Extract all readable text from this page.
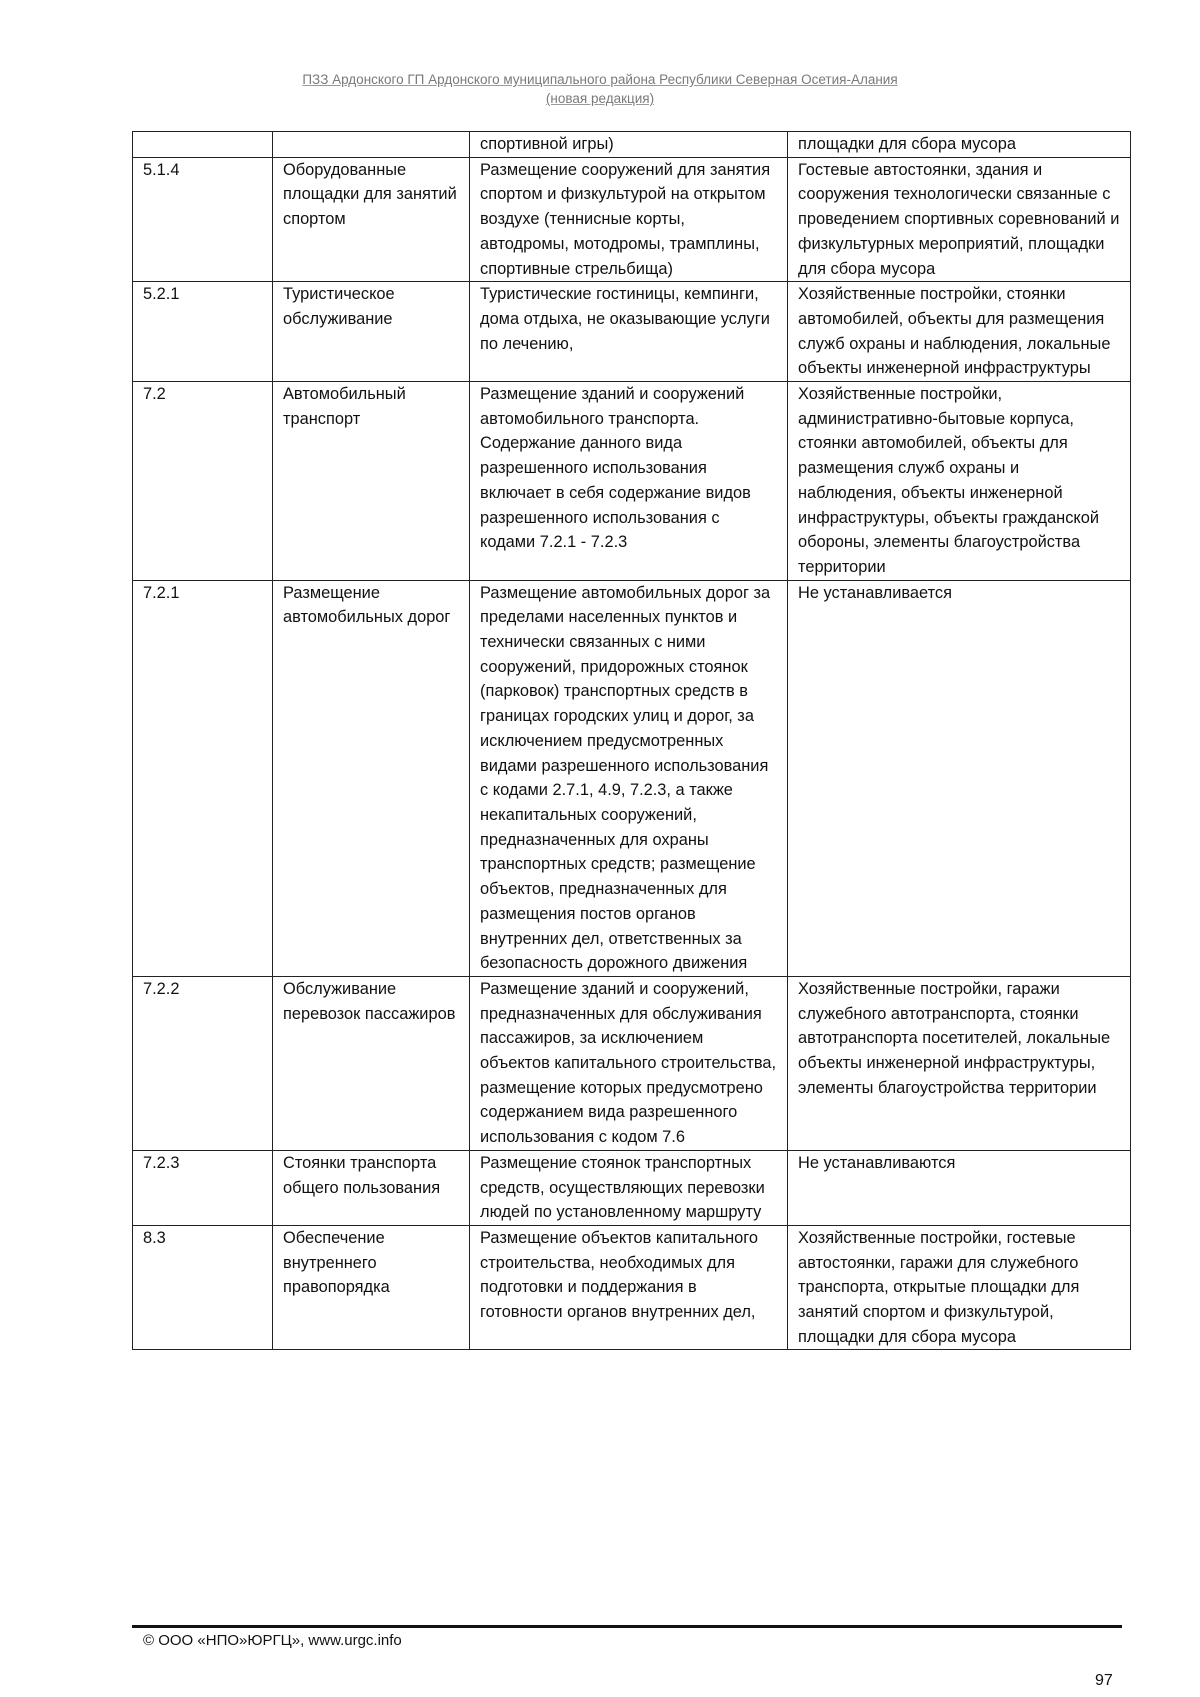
ПЗЗ Ардонского ГП Ардонского муниципального района Республики Северная Осетия-Алания
(новая редакция)
		спортивной игры)	площадки для сбора мусора
5.1.4	Оборудованные площадки для занятий спортом	Размещение сооружений для занятия спортом и физкультурой на открытом воздухе (теннисные корты, автодромы, мотодромы, трамплины, спортивные стрельбища)	Гостевые автостоянки, здания и сооружения технологически связанные с проведением спортивных соревнований и физкультурных мероприятий, площадки для сбора мусора
5.2.1	Туристическое обслуживание	Туристические гостиницы, кемпинги, дома отдыха, не оказывающие услуги по лечению,	Хозяйственные постройки, стоянки автомобилей, объекты для размещения служб охраны и наблюдения, локальные объекты инженерной инфраструктуры
7.2	Автомобильный транспорт	Размещение зданий и сооружений автомобильного транспорта. Содержание данного вида разрешенного использования включает в себя содержание видов разрешенного использования с кодами 7.2.1 - 7.2.3	Хозяйственные постройки, административно-бытовые корпуса, стоянки автомобилей, объекты для размещения служб охраны и наблюдения, объекты инженерной инфраструктуры, объекты гражданской обороны, элементы благоустройства территории
7.2.1	Размещение автомобильных дорог	Размещение автомобильных дорог за пределами населенных пунктов и технически связанных с ними сооружений, придорожных стоянок (парковок) транспортных средств в границах городских улиц и дорог, за исключением предусмотренных видами разрешенного использования с кодами 2.7.1, 4.9, 7.2.3, а также некапитальных сооружений, предназначенных для охраны транспортных средств; размещение объектов, предназначенных для размещения постов органов внутренних дел, ответственных за безопасность дорожного движения	Не устанавливается
7.2.2	Обслуживание перевозок пассажиров	Размещение зданий и сооружений, предназначенных для обслуживания пассажиров, за исключением объектов капитального строительства, размещение которых предусмотрено содержанием вида разрешенного использования с кодом 7.6	Хозяйственные постройки, гаражи служебного автотранспорта, стоянки автотранспорта посетителей, локальные объекты инженерной инфраструктуры, элементы благоустройства территории
7.2.3	Стоянки транспорта общего пользования	Размещение стоянок транспортных средств, осуществляющих перевозки людей по установленному маршруту	Не устанавливаются
8.3	Обеспечение внутреннего правопорядка	Размещение объектов капитального строительства, необходимых для подготовки и поддержания в готовности органов внутренних дел,	Хозяйственные постройки, гостевые автостоянки, гаражи для служебного транспорта, открытые площадки для занятий спортом и физкультурой, площадки для сбора мусора
© ООО «НПО»ЮРГЦ», www.urgc.info
97
